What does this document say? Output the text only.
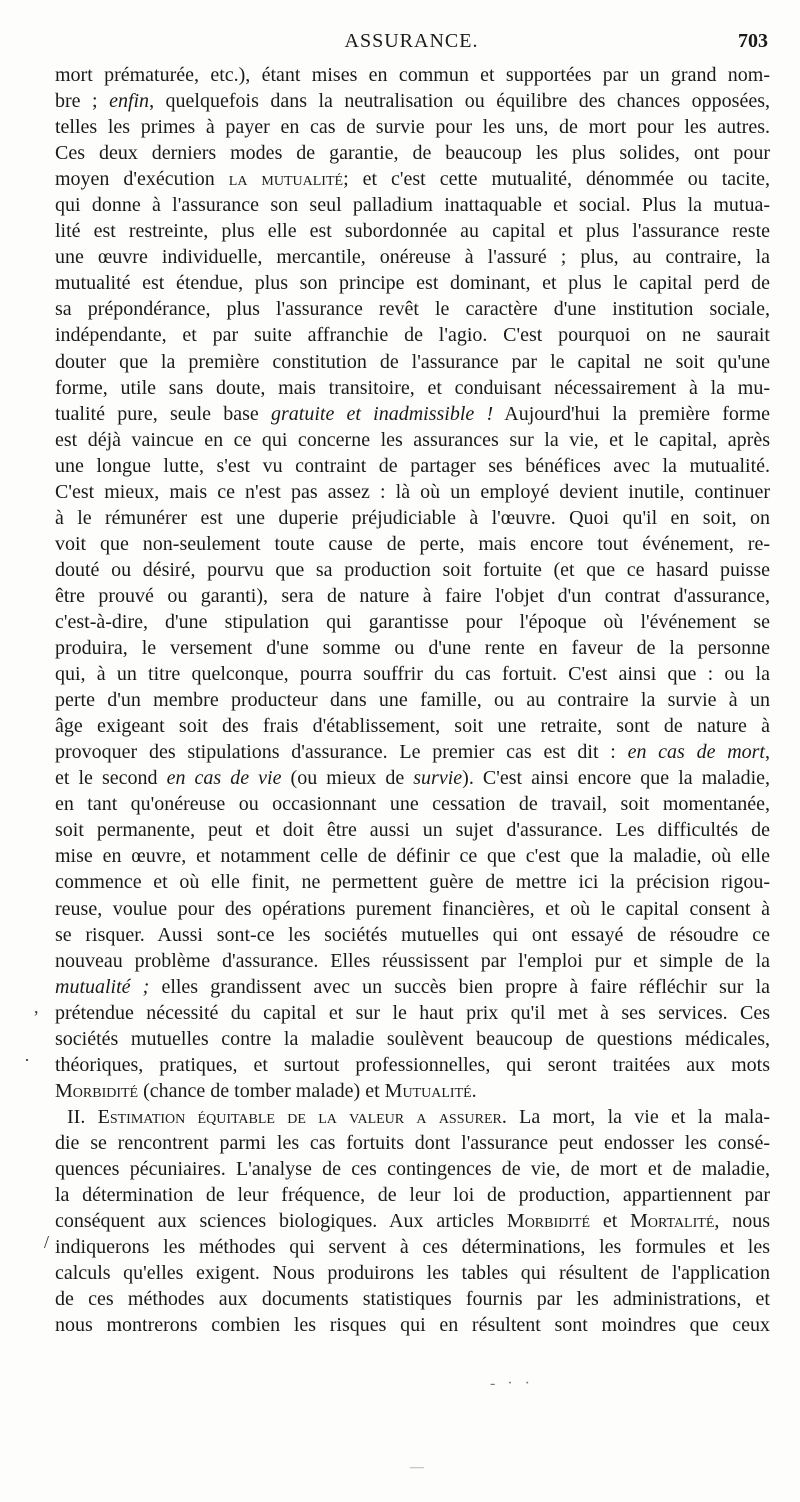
ASSURANCE.	703
mort prématurée, etc.), étant mises en commun et supportées par un grand nom-
bre ; enfin, quelquefois dans la neutralisation ou équilibre des chances opposées,
telles les primes à payer en cas de survie pour les uns, de mort pour les autres.
Ces deux derniers modes de garantie, de beaucoup les plus solides, ont pour
moyen d'exécution la mutualité; et c'est cette mutualité, dénommée ou tacite,
qui donne à l'assurance son seul palladium inattaquable et social. Plus la mutua-
lité est restreinte, plus elle est subordonnée au capital et plus l'assurance reste
une œuvre individuelle, mercantile, onéreuse à l'assuré ; plus, au contraire, la
mutualité est étendue, plus son principe est dominant, et plus le capital perd de
sa prépondérance, plus l'assurance revêt le caractère d'une institution sociale,
indépendante, et par suite affranchie de l'agio. C'est pourquoi on ne saurait
douter que la première constitution de l'assurance par le capital ne soit qu'une
forme, utile sans doute, mais transitoire, et conduisant nécessairement à la mu-
tualité pure, seule base gratuite et inadmissible ! Aujourd'hui la première forme
est déjà vaincue en ce qui concerne les assurances sur la vie, et le capital, après
une longue lutte, s'est vu contraint de partager ses bénéfices avec la mutualité.
C'est mieux, mais ce n'est pas assez : là où un employé devient inutile, continuer
à le rémunérer est une duperie préjudiciable à l'œuvre. Quoi qu'il en soit, on
voit que non-seulement toute cause de perte, mais encore tout événement, re-
douté ou désiré, pourvu que sa production soit fortuite (et que ce hasard puisse
être prouvé ou garanti), sera de nature à faire l'objet d'un contrat d'assurance,
c'est-à-dire, d'une stipulation qui garantisse pour l'époque où l'événement se
produira, le versement d'une somme ou d'une rente en faveur de la personne
qui, à un titre quelconque, pourra souffrir du cas fortuit. C'est ainsi que : ou la
perte d'un membre producteur dans une famille, ou au contraire la survie à un
âge exigeant soit des frais d'établissement, soit une retraite, sont de nature à
provoquer des stipulations d'assurance. Le premier cas est dit : en cas de mort,
et le second en cas de vie (ou mieux de survie). C'est ainsi encore que la maladie,
en tant qu'onéreuse ou occasionnant une cessation de travail, soit momentanée,
soit permanente, peut et doit être aussi un sujet d'assurance. Les difficultés de
mise en œuvre, et notamment celle de définir ce que c'est que la maladie, où elle
commence et où elle finit, ne permettent guère de mettre ici la précision rigou-
reuse, voulue pour des opérations purement financières, et où le capital consent à
se risquer. Aussi sont-ce les sociétés mutuelles qui ont essayé de résoudre ce
nouveau problème d'assurance. Elles réussissent par l'emploi pur et simple de la
mutualité ; elles grandissent avec un succès bien propre à faire réfléchir sur la
prétendue nécessité du capital et sur le haut prix qu'il met à ses services. Ces
sociétés mutuelles contre la maladie soulèvent beaucoup de questions médicales,
théoriques, pratiques, et surtout professionnelles, qui seront traitées aux mots
Morbidité (chance de tomber malade) et Mutualité.
II. Estimation équitable de la valeur a assurer. La mort, la vie et la mala-
die se rencontrent parmi les cas fortuits dont l'assurance peut endosser les consé-
quences pécuniaires. L'analyse de ces contingences de vie, de mort et de maladie,
la détermination de leur fréquence, de leur loi de production, appartiennent par
conséquent aux sciences biologiques. Aux articles Morbidité et Mortalité, nous
indiquerons les méthodes qui servent à ces déterminations, les formules et les
calculs qu'elles exigent. Nous produirons les tables qui résultent de l'application
de ces méthodes aux documents statistiques fournis par les administrations, et
nous montrerons combien les risques qui en résultent sont moindres que ceux
,
·
/
- · ·
—
